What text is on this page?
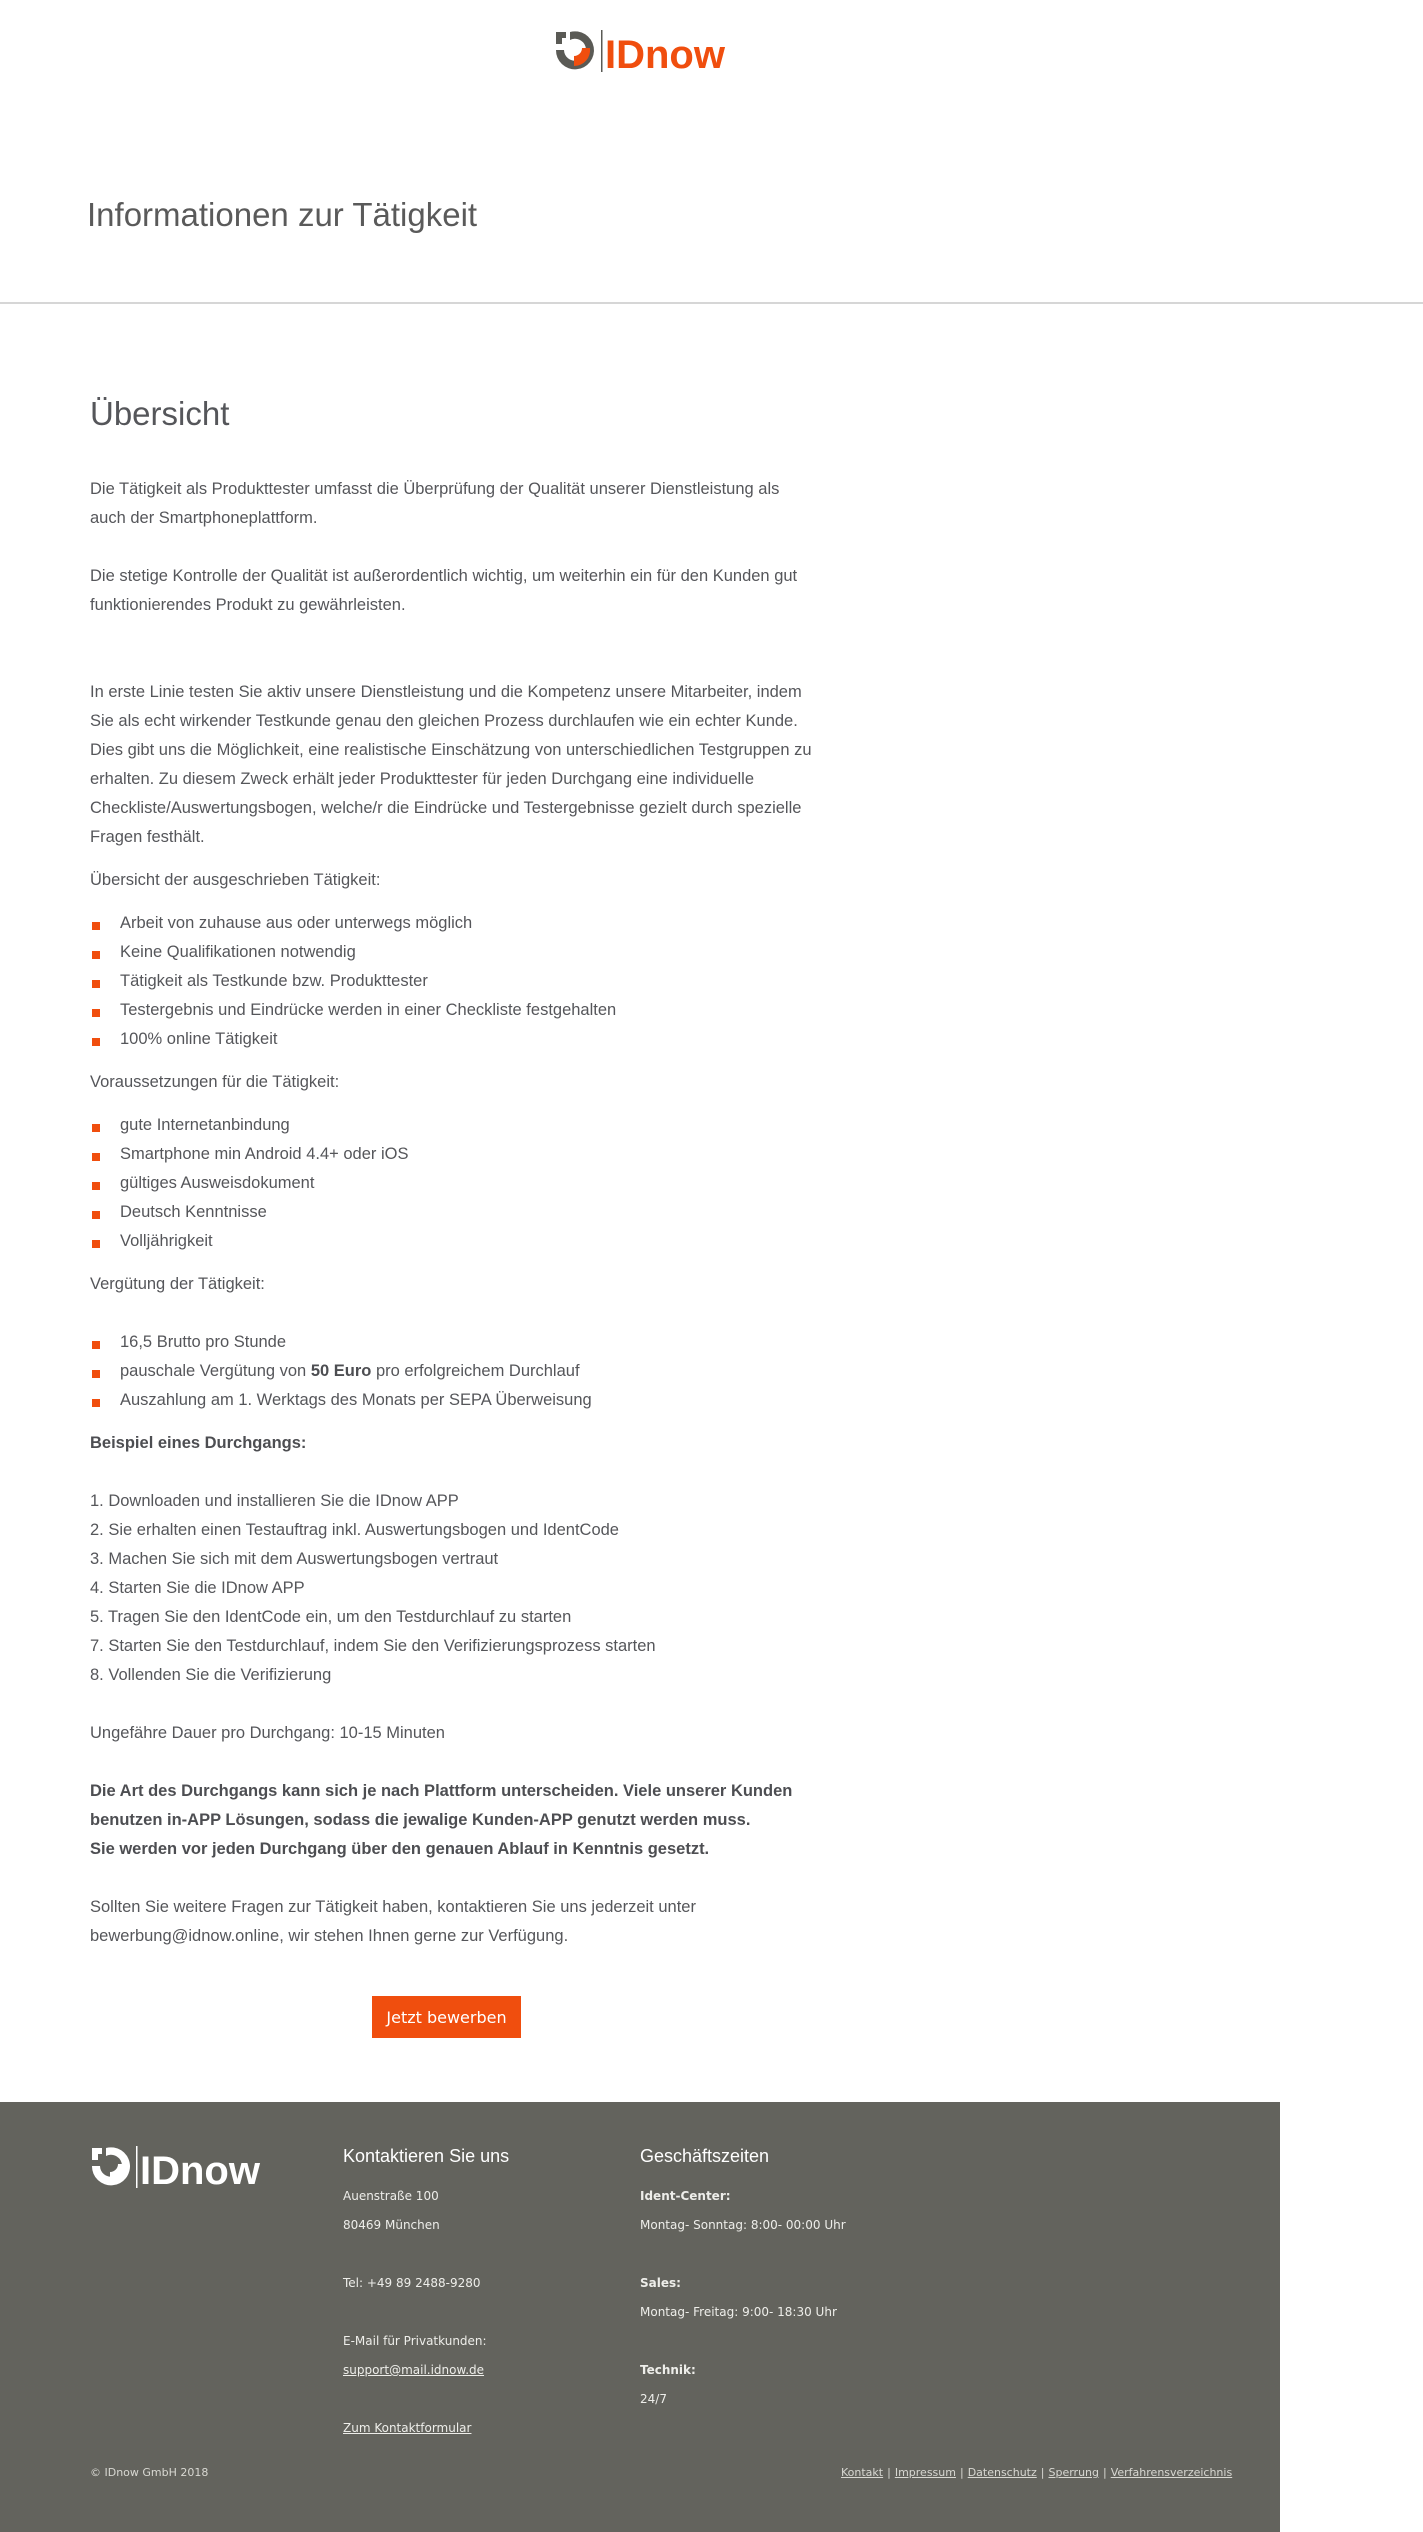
IDnow
Informationen zur Tätigkeit
Übersicht

Die Tätigkeit als Produkttester umfasst die Überprüfung der Qualität unserer Dienstleistung als auch der Smartphoneplattform.

Die stetige Kontrolle der Qualität ist außerordentlich wichtig, um weiterhin ein für den Kunden gut funktionierendes Produkt zu gewährleisten.

In erste Linie testen Sie aktiv unsere Dienstleistung und die Kompetenz unsere Mitarbeiter, indem Sie als echt wirkender Testkunde genau den gleichen Prozess durchlaufen wie ein echter Kunde. Dies gibt uns die Möglichkeit, eine realistische Einschätzung von unterschiedlichen Testgruppen zu erhalten. Zu diesem Zweck erhält jeder Produkttester für jeden Durchgang eine individuelle Checkliste/Auswertungsbogen, welche/r die Eindrücke und Testergebnisse gezielt durch spezielle Fragen festhält.

Übersicht der ausgeschrieben Tätigkeit:

Arbeit von zuhause aus oder unterwegs möglich
Keine Qualifikationen notwendig
Tätigkeit als Testkunde bzw. Produkttester
Testergebnis und Eindrücke werden in einer Checkliste festgehalten
100% online Tätigkeit

Voraussetzungen für die Tätigkeit:

gute Internetanbindung
Smartphone min Android 4.4+ oder iOS
gültiges Ausweisdokument
Deutsch Kenntnisse
Volljährigkeit

Vergütung der Tätigkeit:

16,5 Brutto pro Stunde
pauschale Vergütung von 50 Euro pro erfolgreichem Durchlauf
Auszahlung am 1. Werktags des Monats per SEPA Überweisung

Beispiel eines Durchgangs:

1. Downloaden und installieren Sie die IDnow APP
2. Sie erhalten einen Testauftrag inkl. Auswertungsbogen und IdentCode
3. Machen Sie sich mit dem Auswertungsbogen vertraut
4. Starten Sie die IDnow APP
5. Tragen Sie den IdentCode ein, um den Testdurchlauf zu starten
7. Starten Sie den Testdurchlauf, indem Sie den Verifizierungsprozess starten
8. Vollenden Sie die Verifizierung

Ungefähre Dauer pro Durchgang: 10-15 Minuten

Die Art des Durchgangs kann sich je nach Plattform unterscheiden. Viele unserer Kunden benutzen in-APP Lösungen, sodass die jewalige Kunden-APP genutzt werden muss.

Sie werden vor jeden Durchgang über den genauen Ablauf in Kenntnis gesetzt.

Sollten Sie weitere Fragen zur Tätigkeit haben, kontaktieren Sie uns jederzeit unter bewerbung@idnow.online, wir stehen Ihnen gerne zur Verfügung.

Jetzt bewerben
IDnow	Kontaktieren Sie uns
Auenstraße 100
80469 München
Tel: +49 89 2488-9280
E-Mail für Privatkunden:
support@mail.idnow.de
Zum Kontaktformular
Geschäftszeiten
Ident-Center:
Montag- Sonntag: 8:00- 00:00 Uhr
Sales:
Montag- Freitag: 9:00- 18:30 Uhr
Technik:
24/7
© IDnow GmbH 2018	Kontakt | Impressum | Datenschutz | Sperrung | Verfahrensverzeichnis
